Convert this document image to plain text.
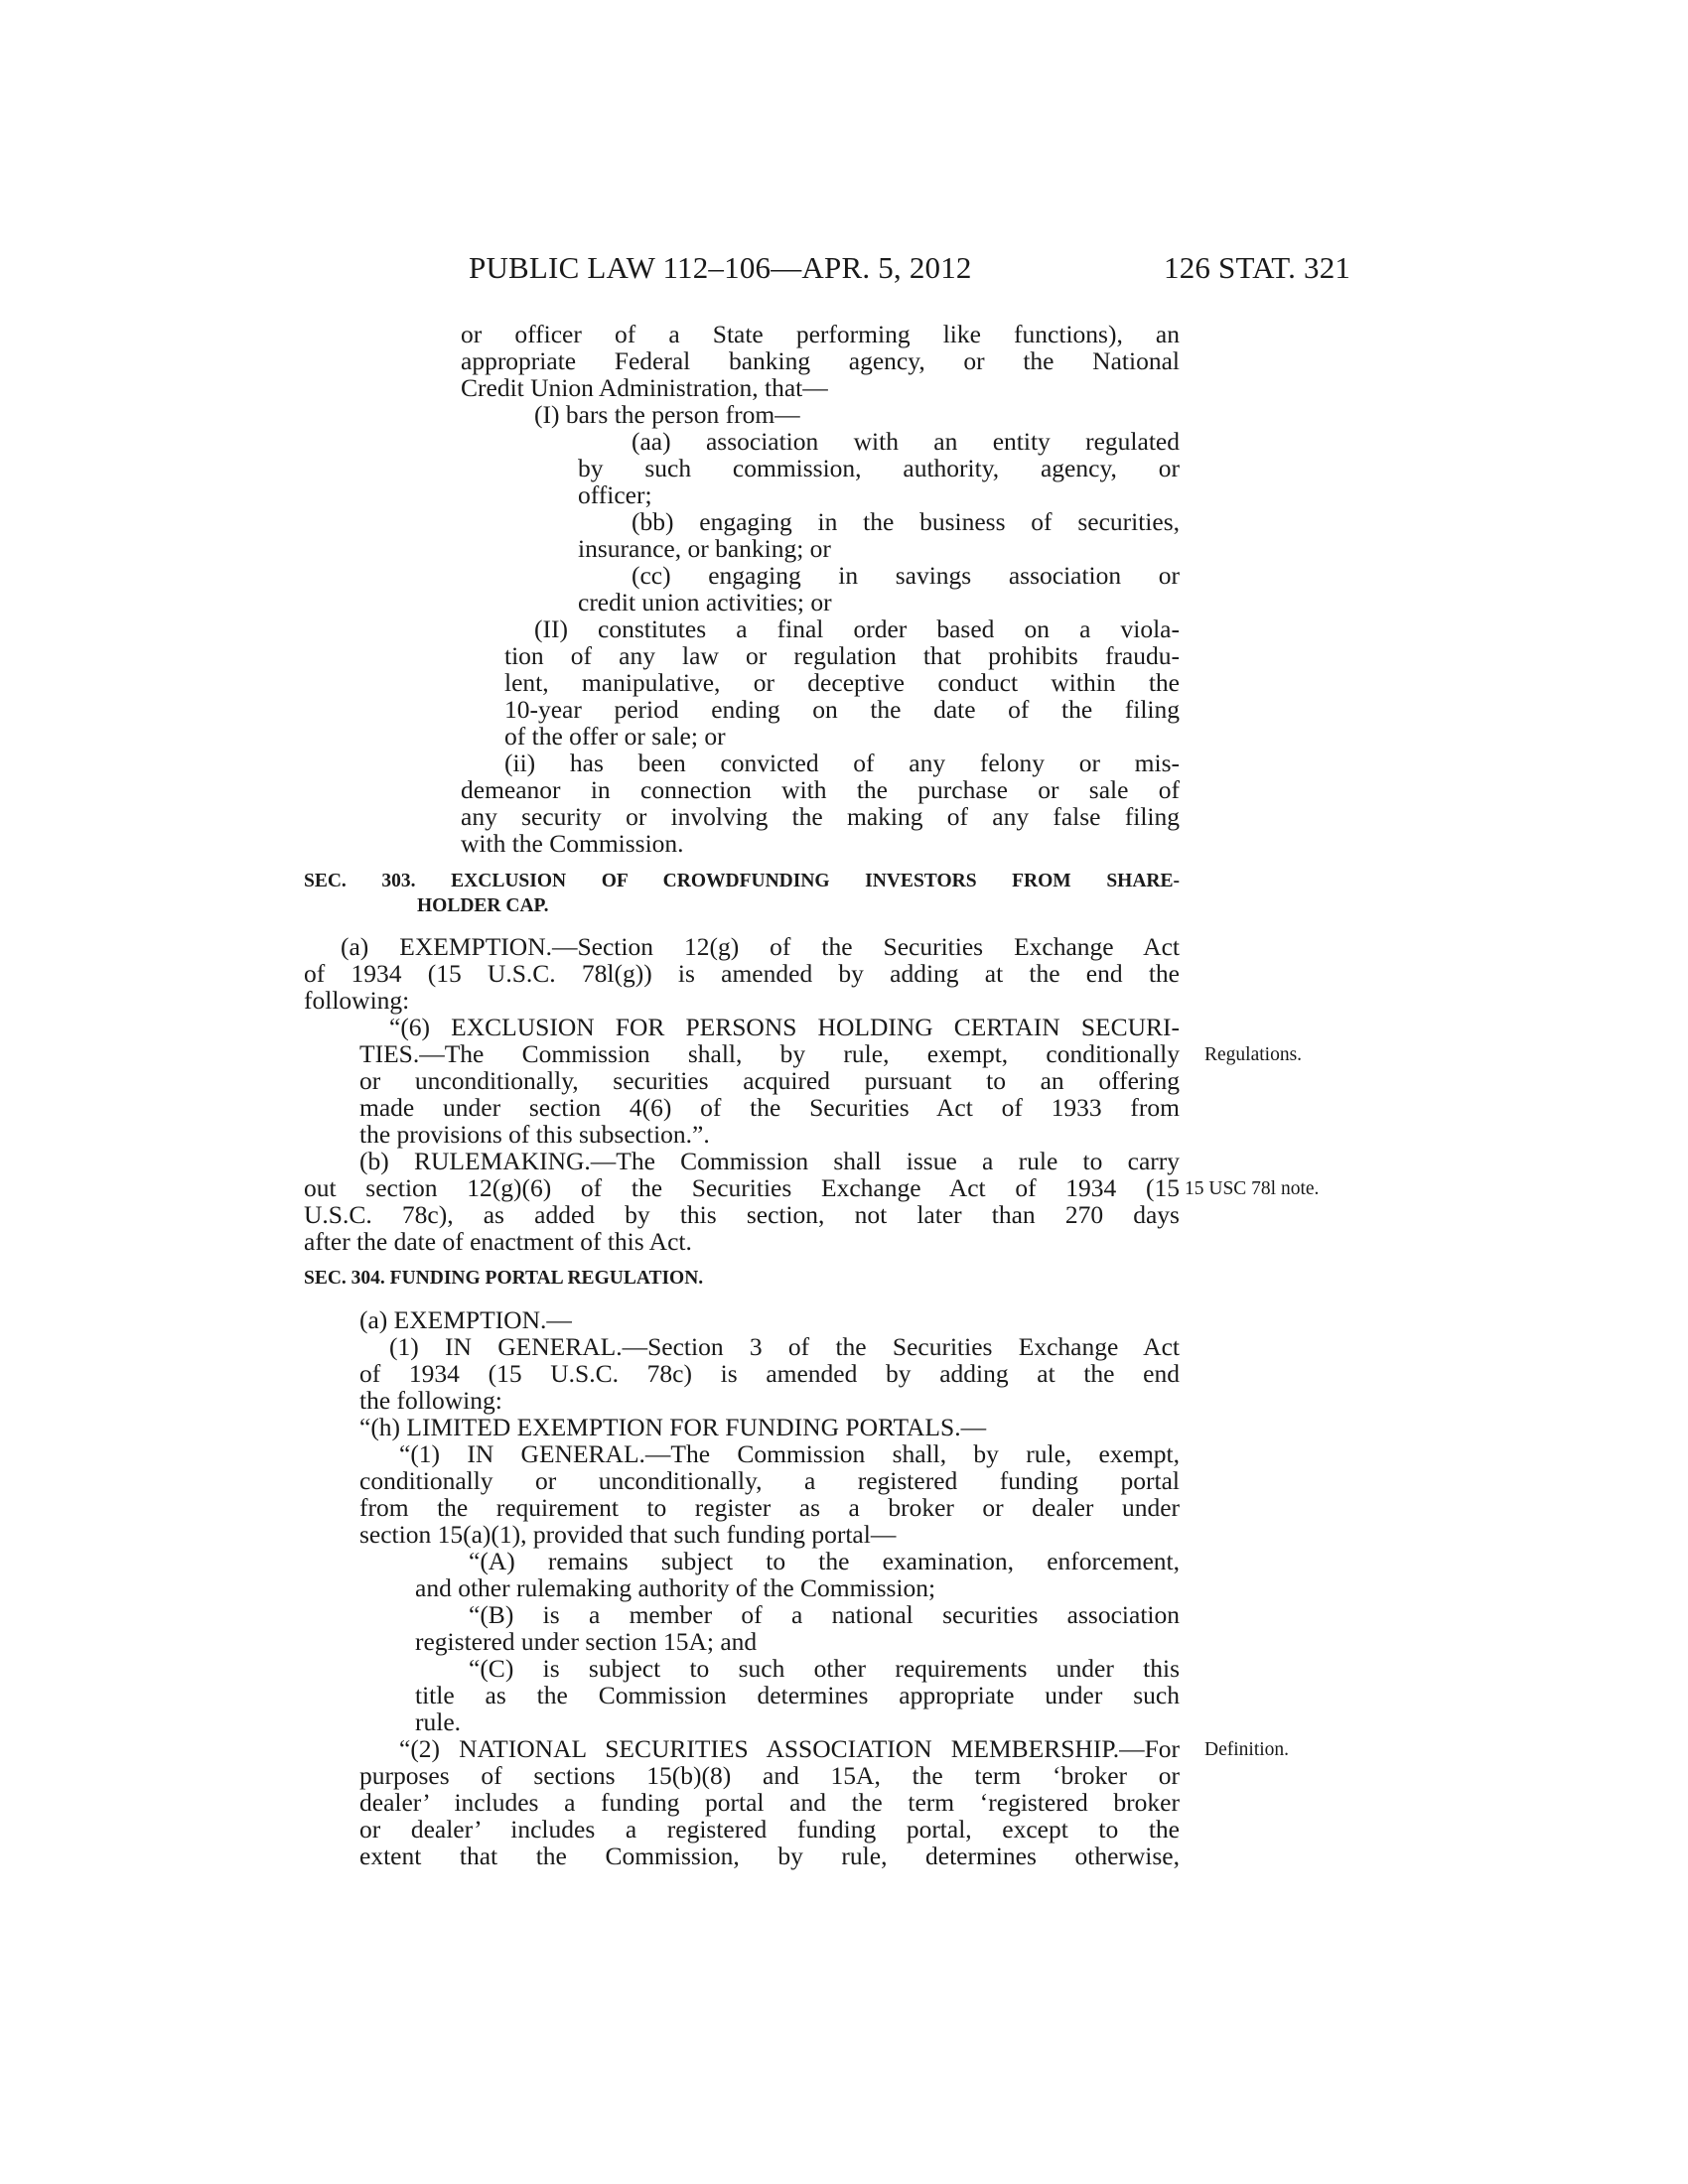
PUBLIC LAW 112–106—APR. 5, 2012	126 STAT. 321
or officer of a State performing like functions), an
appropriate Federal banking agency, or the National
Credit Union Administration, that—
(I) bars the person from—
(aa) association with an entity regulated
by such commission, authority, agency, or
officer;
(bb) engaging in the business of securities,
insurance, or banking; or
(cc) engaging in savings association or
credit union activities; or
(II) constitutes a final order based on a viola-
tion of any law or regulation that prohibits fraudu-
lent, manipulative, or deceptive conduct within the
10-year period ending on the date of the filing
of the offer or sale; or
(ii) has been convicted of any felony or mis-
demeanor in connection with the purchase or sale of
any security or involving the making of any false filing
with the Commission.
SEC. 303. EXCLUSION OF CROWDFUNDING INVESTORS FROM SHARE-
HOLDER CAP.
(a) EXEMPTION.—Section 12(g) of the Securities Exchange Act
of 1934 (15 U.S.C. 78l(g)) is amended by adding at the end the
following:
“(6) EXCLUSION FOR PERSONS HOLDING CERTAIN SECURI-
TIES.—The Commission shall, by rule, exempt, conditionally
or unconditionally, securities acquired pursuant to an offering
made under section 4(6) of the Securities Act of 1933 from
the provisions of this subsection.”.
(b) RULEMAKING.—The Commission shall issue a rule to carry
out section 12(g)(6) of the Securities Exchange Act of 1934 (15
U.S.C. 78c), as added by this section, not later than 270 days
after the date of enactment of this Act.
SEC. 304. FUNDING PORTAL REGULATION.
(a) EXEMPTION.—
(1) IN GENERAL.—Section 3 of the Securities Exchange Act
of 1934 (15 U.S.C. 78c) is amended by adding at the end
the following:
“(h) LIMITED EXEMPTION FOR FUNDING PORTALS.—
“(1) IN GENERAL.—The Commission shall, by rule, exempt,
conditionally or unconditionally, a registered funding portal
from the requirement to register as a broker or dealer under
section 15(a)(1), provided that such funding portal—
“(A) remains subject to the examination, enforcement,
and other rulemaking authority of the Commission;
“(B) is a member of a national securities association
registered under section 15A; and
“(C) is subject to such other requirements under this
title as the Commission determines appropriate under such
rule.
“(2) NATIONAL SECURITIES ASSOCIATION MEMBERSHIP.—For
purposes of sections 15(b)(8) and 15A, the term ‘broker or
dealer’ includes a funding portal and the term ‘registered broker
or dealer’ includes a registered funding portal, except to the
extent that the Commission, by rule, determines otherwise,
Regulations.
15 USC 78l note.
Definition.
